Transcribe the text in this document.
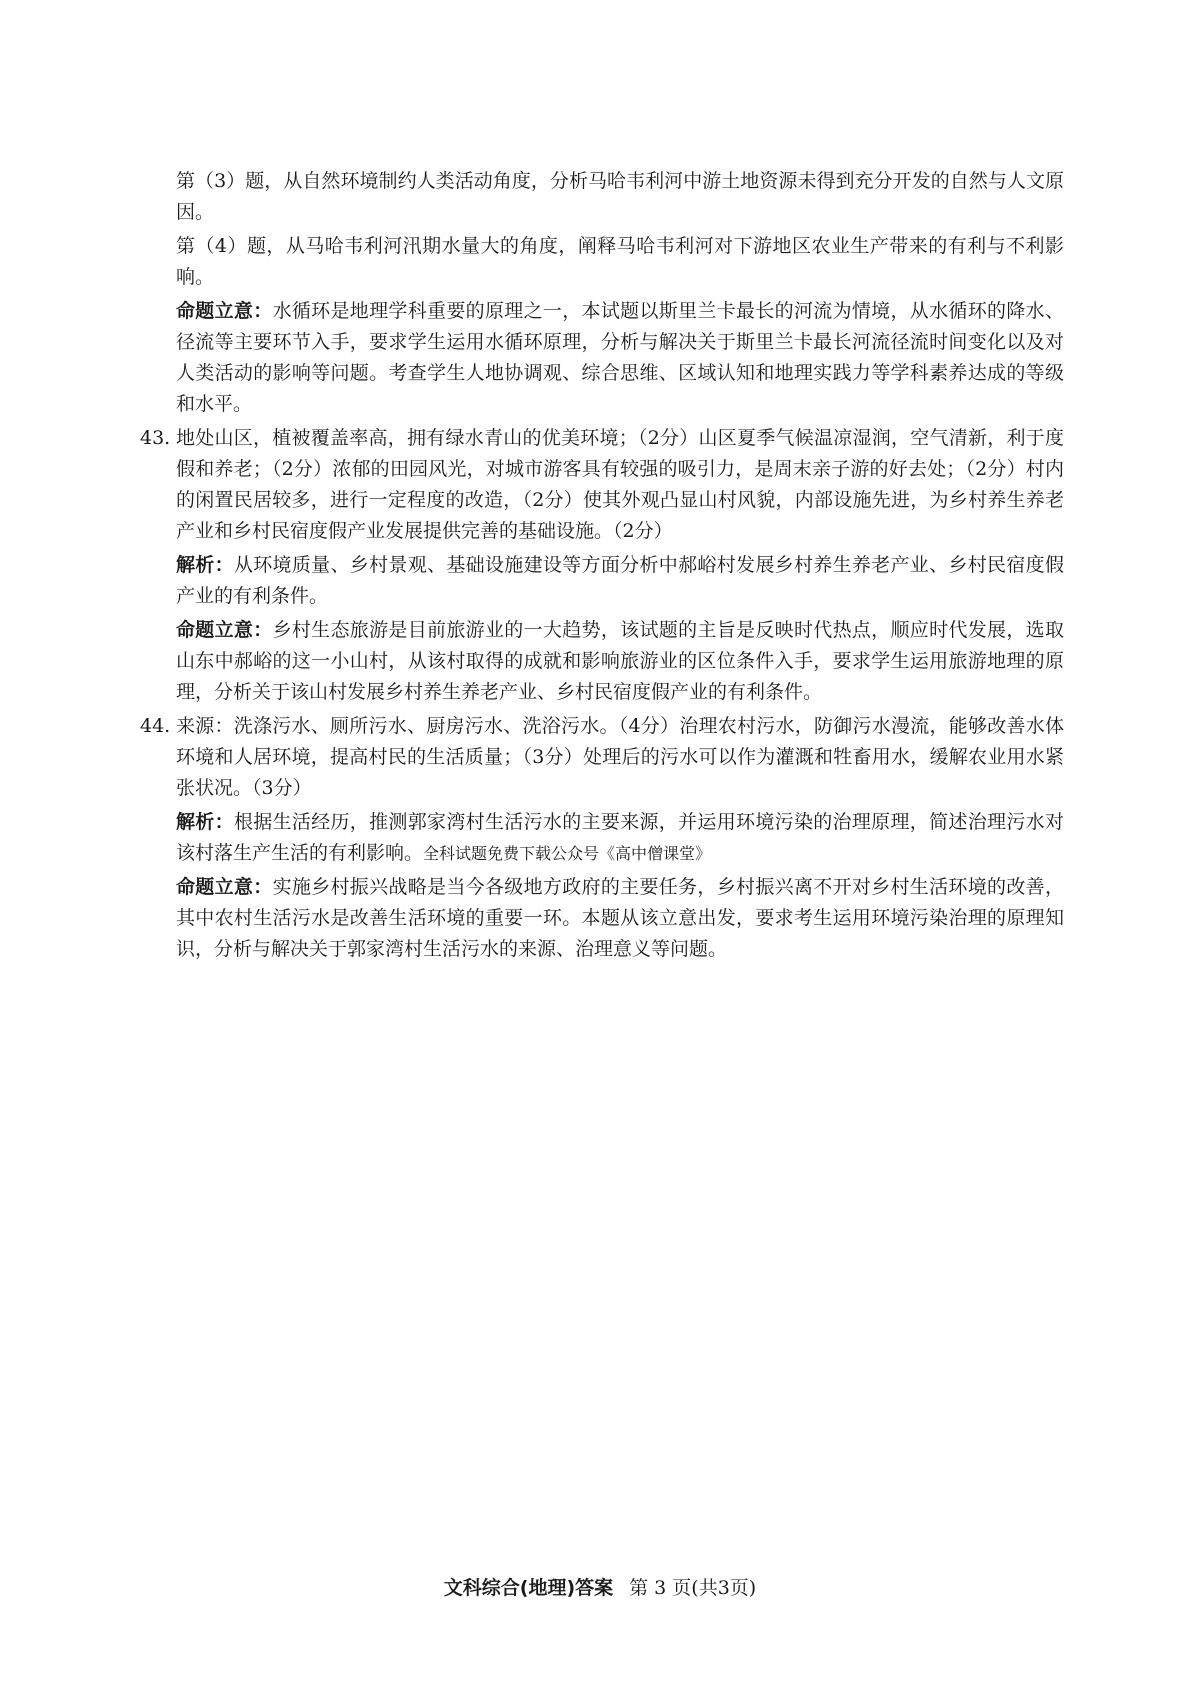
第（3）题，从自然环境制约人类活动角度，分析马哈韦利河中游土地资源未得到充分开发的自然与人文原因。

第（4）题，从马哈韦利河汛期水量大的角度，阐释马哈韦利河对下游地区农业生产带来的有利与不利影响。

命题立意：水循环是地理学科重要的原理之一，本试题以斯里兰卡最长的河流为情境，从水循环的降水、径流等主要环节入手，要求学生运用水循环原理，分析与解决关于斯里兰卡最长河流径流时间变化以及对人类活动的影响等问题。考查学生人地协调观、综合思维、区域认知和地理实践力等学科素养达成的等级和水平。

43. 地处山区，植被覆盖率高，拥有绿水青山的优美环境；（2分）山区夏季气候温凉湿润，空气清新，利于度假和养老；（2分）浓郁的田园风光，对城市游客具有较强的吸引力，是周末亲子游的好去处；（2分）村内的闲置民居较多，进行一定程度的改造，（2分）使其外观凸显山村风貌，内部设施先进，为乡村养生养老产业和乡村民宿度假产业发展提供完善的基础设施。（2分）

解析：从环境质量、乡村景观、基础设施建设等方面分析中郝峪村发展乡村养生养老产业、乡村民宿度假产业的有利条件。

命题立意：乡村生态旅游是目前旅游业的一大趋势，该试题的主旨是反映时代热点，顺应时代发展，选取山东中郝峪的这一小山村，从该村取得的成就和影响旅游业的区位条件入手，要求学生运用旅游地理的原理，分析关于该山村发展乡村养生养老产业、乡村民宿度假产业的有利条件。

44. 来源：洗涤污水、厕所污水、厨房污水、洗浴污水。（4分）治理农村污水，防御污水漫流，能够改善水体环境和人居环境，提高村民的生活质量；（3分）处理后的污水可以作为灌溉和牲畜用水，缓解农业用水紧张状况。（3分）

解析：根据生活经历，推测郭家湾村生活污水的主要来源，并运用环境污染的治理原理，简述治理污水对该村落生产生活的有利影响。全科试题免费下载公众号《高中僧课堂》

命题立意：实施乡村振兴战略是当今各级地方政府的主要任务，乡村振兴离不开对乡村生活环境的改善，其中农村生活污水是改善生活环境的重要一环。本题从该立意出发，要求考生运用环境污染治理的原理知识，分析与解决关于郭家湾村生活污水的来源、治理意义等问题。

文科综合(地理)答案 第 3 页(共3页)
